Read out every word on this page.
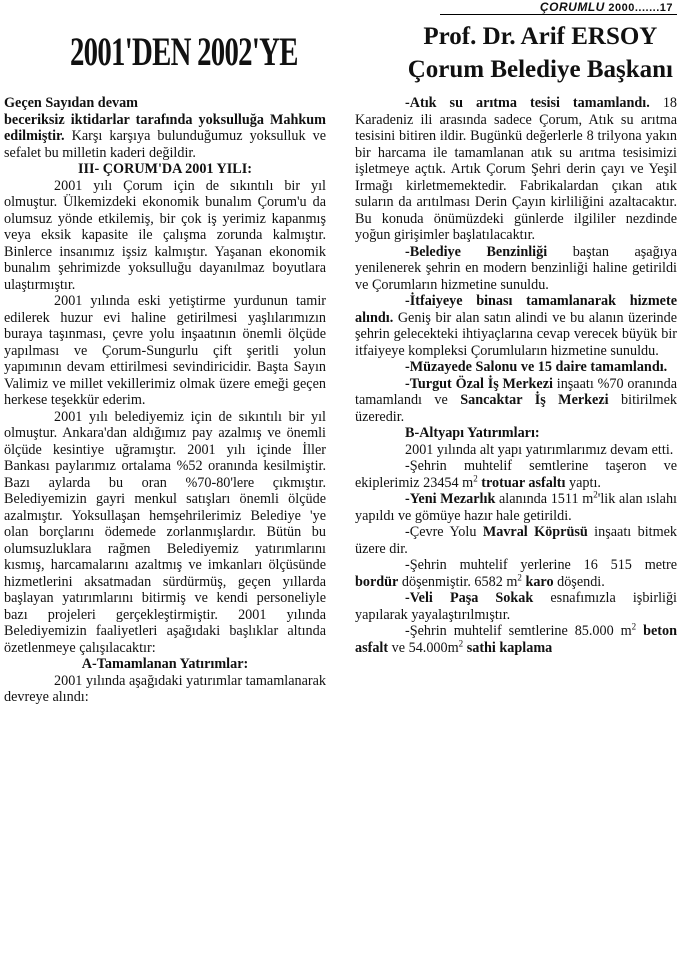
ÇORUMLU 2000.......17
2001'DEN 2002'YE	Prof. Dr. Arif ERSOY
Çorum Belediye Başkanı

Geçen Sayıdan devam

beceriksiz iktidarlar tarafında yoksulluğa Mahkum edilmiştir. Karşı karşıya bulunduğumuz yoksulluk ve sefalet bu milletin kaderi değildir.

III- ÇORUM'DA 2001 YILI:

2001 yılı Çorum için de sıkıntılı bir yıl olmuştur. Ülkemizdeki ekonomik bunalım Çorum'u da olumsuz yönde etkilemiş, bir çok iş yerimiz kapanmış veya eksik kapasite ile çalışma zorunda kalmıştır. Binlerce insanımız işsiz kalmıştır. Yaşanan ekonomik bunalım şehrimizde yoksulluğu dayanılmaz boyutlara ulaştırmıştır.

2001 yılında eski yetiştirme yurdunun tamir edilerek huzur evi haline getirilmesi yaşlılarımızın buraya taşınması, çevre yolu inşaatının önemli ölçüde yapılması ve Çorum-Sungurlu çift şeritli yolun yapımının devam ettirilmesi sevindiricidir. Başta Sayın Valimiz ve millet vekillerimiz olmak üzere emeği geçen herkese teşekkür ederim.

2001 yılı belediyemiz için de sıkıntılı bir yıl olmuştur. Ankara'dan aldığımız pay azalmış ve önemli ölçüde kesintiye uğramıştır. 2001 yılı içinde İller Bankası paylarımız ortalama %52 oranında kesilmiştir. Bazı aylarda bu oran %70-80'lere çıkmıştır. Belediyemizin gayri menkul satışları önemli ölçüde azalmıştır. Yoksullaşan hemşehrilerimiz Belediye 'ye olan borçlarını ödemede zorlanmışlardır. Bütün bu olumsuzluklara rağmen Belediyemiz yatırımlarını kısmış, harcamalarını azaltmış ve imkanları ölçüsünde hizmetlerini aksatmadan sürdürmüş, geçen yıllarda başlayan yatırımlarını bitirmiş ve kendi personeliyle bazı projeleri gerçekleştirmiştir. 2001 yılında Belediyemizin faaliyetleri aşağıdaki başlıklar altında özetlenmeye çalışılacaktır:

A-Tamamlanan Yatırımlar:

2001 yılında aşağıdaki yatırımlar tamamlanarak devreye alındı:

-Atık su arıtma tesisi tamamlandı. 18 Karadeniz ili arasında sadece Çorum, Atık su arıtma tesisini bitiren ildir. Bugünkü değerlerle 8 trilyona yakın bir harcama ile tamamlanan atık su arıtma tesisimizi işletmeye açtık. Artık Çorum Şehri derin çayı ve Yeşil Irmağı kirletmemektedir. Fabrikalardan çıkan atık suların da arıtılması Derin Çayın kirliliğini azaltacaktır. Bu konuda önümüzdeki günlerde ilgililer nezdinde yoğun girişimler başlatılacaktır.

-Belediye Benzinliği baştan aşağıya yenilenerek şehrin en modern benzinliği haline getirildi ve Çorumların hizmetine sunuldu.

-İtfaiyeye binası tamamlanarak hizmete alındı. Geniş bir alan satın alindi ve bu alanın üzerinde şehrin gelecekteki ihtiyaçlarına cevap verecek büyük bir itfaiyeye kompleksi Çorumluların hizmetine sunuldu.

-Müzayede Salonu ve 15 daire tamamlandı.

-Turgut Özal İş Merkezi inşaatı %70 oranında tamamlandı ve Sancaktar İş Merkezi bitirilmek üzeredir.

B-Altyapı Yatırımları:

2001 yılında alt yapı yatırımlarımız devam etti.

-Şehrin muhtelif semtlerine taşeron ve ekiplerimiz 23454 $m^2$ trotuar asfaltı yaptı.

-Yeni Mezarlık alanında 1511 $m^2'lik$ alan ıslahı yapıldı ve gömüye hazır hale getirildi.

-Çevre Yolu Mavral Köprüsü inşaatı bitmek üzere dir.

-Şehrin muhtelif yerlerine 16 515 metre bordür döşenmiştir. 6582 $m^2$ karo döşendi.

-Veli Paşa Sokak esnafımızla işbirliği yapılarak yayalaştırılmıştır.

-Şehrin muhtelif semtlerine 85.000 $m^2$ beton asfalt ve $54.000m^2$ sathi kaplama
